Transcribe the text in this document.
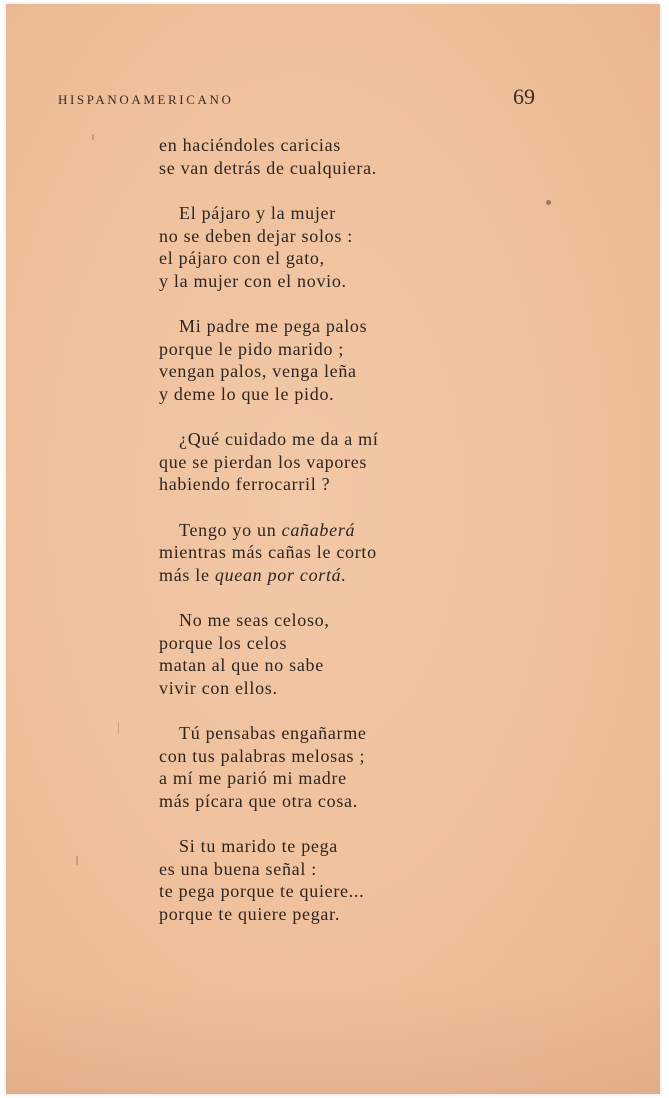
HISPANOAMERICANO	69
en haciéndoles caricias
se van detrás de cualquiera.
El pájaro y la mujer
no se deben dejar solos :
el pájaro con el gato,
y la mujer con el novio.
Mi padre me pega palos
porque le pido marido ;
vengan palos, venga leña
y deme lo que le pido.
¿Qué cuidado me da a mí
que se pierdan los vapores
habiendo ferrocarril ?
Tengo yo un cañaberá
mientras más cañas le corto
más le quean por cortá.
No me seas celoso,
porque los celos
matan al que no sabe
vivir con ellos.
Tú pensabas engañarme
con tus palabras melosas ;
a mí me parió mi madre
más pícara que otra cosa.
Si tu marido te pega
es una buena señal :
te pega porque te quiere...
porque te quiere pegar.
